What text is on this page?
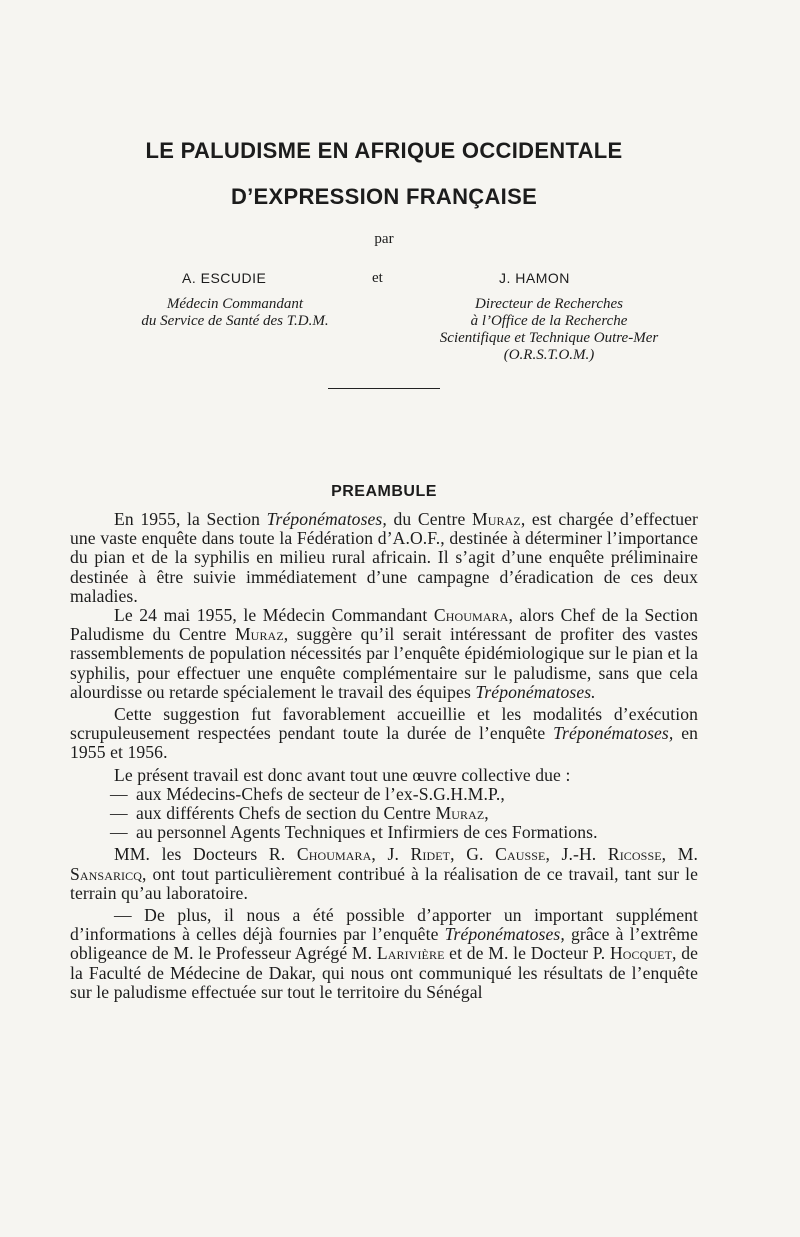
LE PALUDISME EN AFRIQUE OCCIDENTALE
D’EXPRESSION FRANÇAISE
par
A. ESCUDIE	et	J. HAMON
Médecin Commandant
du Service de Santé des T.D.M.
Directeur de Recherches
à l’Office de la Recherche
Scientifique et Technique Outre-Mer
(O.R.S.T.O.M.)
PREAMBULE

En 1955, la Section Tréponématoses, du Centre Muraz, est chargée d’effectuer une vaste enquête dans toute la Fédération d’A.O.F., destinée à déterminer l’importance du pian et de la syphilis en milieu rural africain. Il s’agit d’une enquête préliminaire destinée à être suivie immédiatement d’une campagne d’éradication de ces deux maladies.

Le 24 mai 1955, le Médecin Commandant Choumara, alors Chef de la Section Paludisme du Centre Muraz, suggère qu’il serait intéressant de profiter des vastes rassemblements de population nécessités par l’enquête épidémiologique sur le pian et la syphilis, pour effectuer une enquête complémentaire sur le paludisme, sans que cela alourdisse ou retarde spécialement le travail des équipes Tréponématoses.

Cette suggestion fut favorablement accueillie et les modalités d’exécution scrupuleusement respectées pendant toute la durée de l’enquête Tréponématoses, en 1955 et 1956.

Le présent travail est donc avant tout une œuvre collective due :

— aux Médecins-Chefs de secteur de l’ex-S.G.H.M.P.,

— aux différents Chefs de section du Centre Muraz,

— au personnel Agents Techniques et Infirmiers de ces Formations.

MM. les Docteurs R. Choumara, J. Ridet, G. Causse, J.-H. Ricosse, M. Sansaricq, ont tout particulièrement contribué à la réalisation de ce travail, tant sur le terrain qu’au laboratoire.

— De plus, il nous a été possible d’apporter un important supplément d’informations à celles déjà fournies par l’enquête Tréponématoses, grâce à l’extrême obligeance de M. le Professeur Agrégé M. Larivière et de M. le Docteur P. Hocquet, de la Faculté de Médecine de Dakar, qui nous ont communiqué les résultats de l’enquête sur le paludisme effectuée sur tout le territoire du Sénégal
